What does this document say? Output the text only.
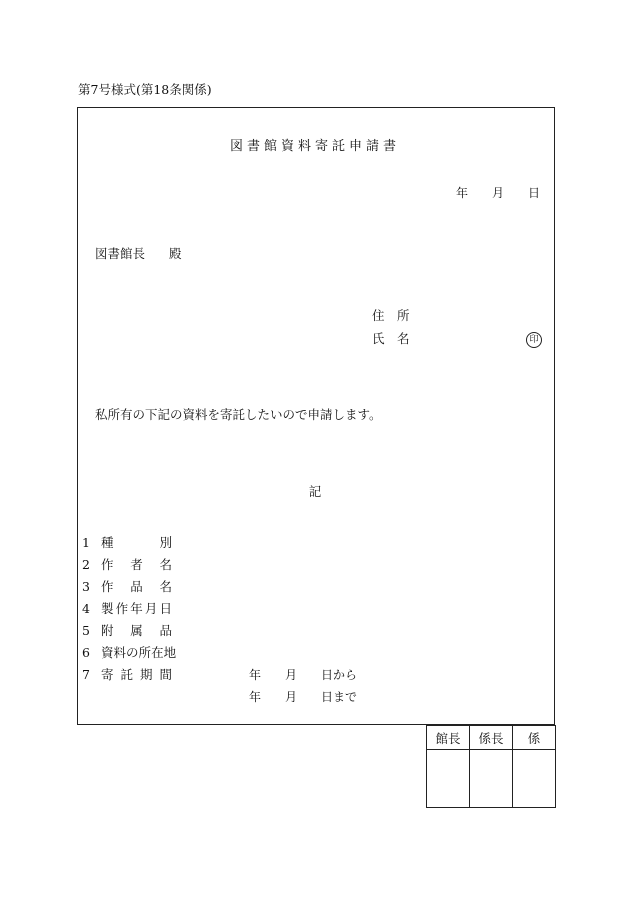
第7号様式(第18条関係)
図書館資料寄託申請書
年 月 日
図書館長 殿
住　所
氏　名	印
私所有の下記の資料を寄託したいので申請します。
記
1 種	別
2 作 者 名
3 作 品 名
4 製 作 年 月 日
5 附 属 品
6 資 料 の 所 在 地
7 寄 託 期 間	年 月 日から
年 月 日まで
館長	係長	係
